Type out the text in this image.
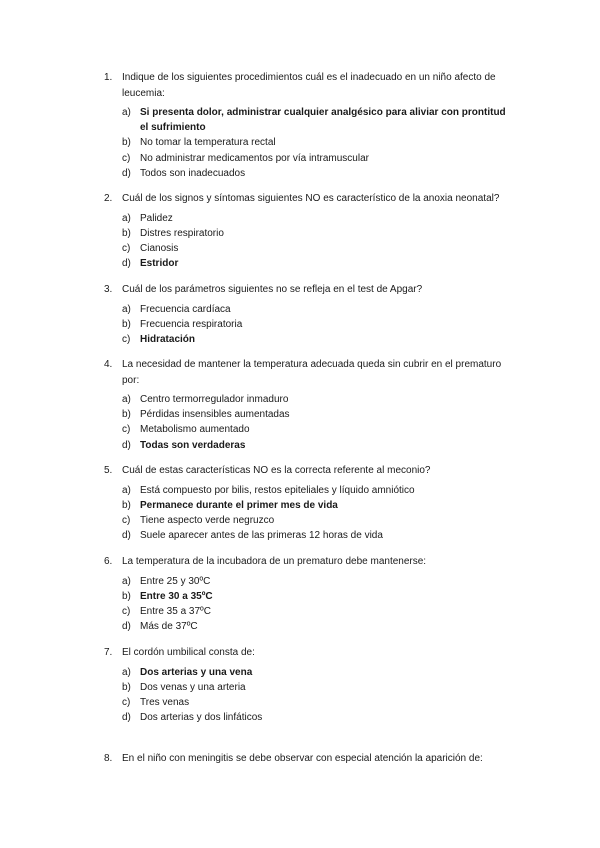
1. Indique de los siguientes procedimientos cuál es el inadecuado en un niño afecto de leucemia:
a) Si presenta dolor, administrar cualquier analgésico para aliviar con prontitud el sufrimiento
b) No tomar la temperatura rectal
c) No administrar medicamentos por vía intramuscular
d) Todos son inadecuados
2. Cuál de los signos y síntomas siguientes NO es característico de la anoxia neonatal?
a) Palidez
b) Distres respiratorio
c) Cianosis
d) Estridor
3. Cuál de los parámetros siguientes no se refleja en el test de Apgar?
a) Frecuencia cardíaca
b) Frecuencia respiratoria
c) Hidratación
4. La necesidad de mantener la temperatura adecuada queda sin cubrir en el prematuro por:
a) Centro termorregulador inmaduro
b) Pérdidas insensibles aumentadas
c) Metabolismo aumentado
d) Todas son verdaderas
5. Cuál de estas características NO es la correcta referente al meconio?
a) Está compuesto por bilis, restos epiteliales y líquido amniótico
b) Permanece durante el primer mes de vida
c) Tiene aspecto verde negruzco
d) Suele aparecer antes de las primeras 12 horas de vida
6. La temperatura de la incubadora de un prematuro debe mantenerse:
a) Entre 25 y 30ºC
b) Entre 30 a 35ºC
c) Entre 35 a 37ºC
d) Más de 37ºC
7. El cordón umbilical consta de:
a) Dos arterias y una vena
b) Dos venas y una arteria
c) Tres venas
d) Dos arterias y dos linfáticos
8. En el niño con meningitis se debe observar con especial atención la aparición de:
